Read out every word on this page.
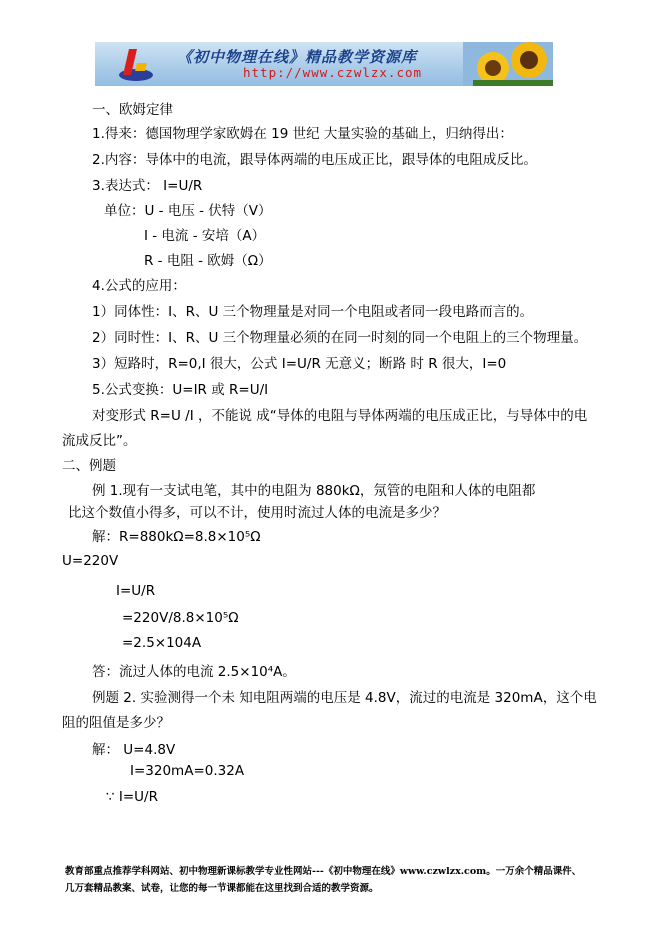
《初中物理在线》精品教学资源库
http://www.czwlzx.com
一、欧姆定律
1.得来：德国物理学家欧姆在 19 世纪 大量实验的基础上，归纳得出：
2.内容：导体中的电流，跟导体两端的电压成正比，跟导体的电阻成反比。
3.表达式： I=U/R
单位：U - 电压 - 伏特（V）
I - 电流 - 安培（A）
R - 电阻 - 欧姆（Ω）
4.公式的应用：
1）同体性：I、R、U 三个物理量是对同一个电阻或者同一段电路而言的。
2）同时性：I、R、U 三个物理量必须的在同一时刻的同一个电阻上的三个物理量。
3）短路时，R=0,I 很大，公式 I=U/R 无意义；断路 时 R 很大，I=0
5.公式变换：U=IR 或 R=U/I
对变形式 R=U /I ，不能说 成“导体的电阻与导体两端的电压成正比，与导体中的电
流成反比”。
二、例题
例 1.现有一支试电笔，其中的电阻为 880kΩ，氖管的电阻和人体的电阻都
比这个数值小得多，可以不计，使用时流过人体的电流是多少？
解：R=880kΩ=8.8×10⁵Ω
U=220V
I=U/R
=220V/8.8×10⁵Ω
=2.5×104A
答：流过人体的电流 2.5×10⁴A。
例题 2. 实验测得一个未 知电阻两端的电压是 4.8V，流过的电流是 320mA，这个电
阻的阻值是多少？
解： U=4.8V
I=320mA=0.32A
∵ I=U/R
教育部重点推荐学科网站、初中物理新课标教学专业性网站---《初中物理在线》www.czwlzx.com。一万余个精品课件、
几万套精品教案、试卷，让您的每一节课都能在这里找到合适的教学资源。
